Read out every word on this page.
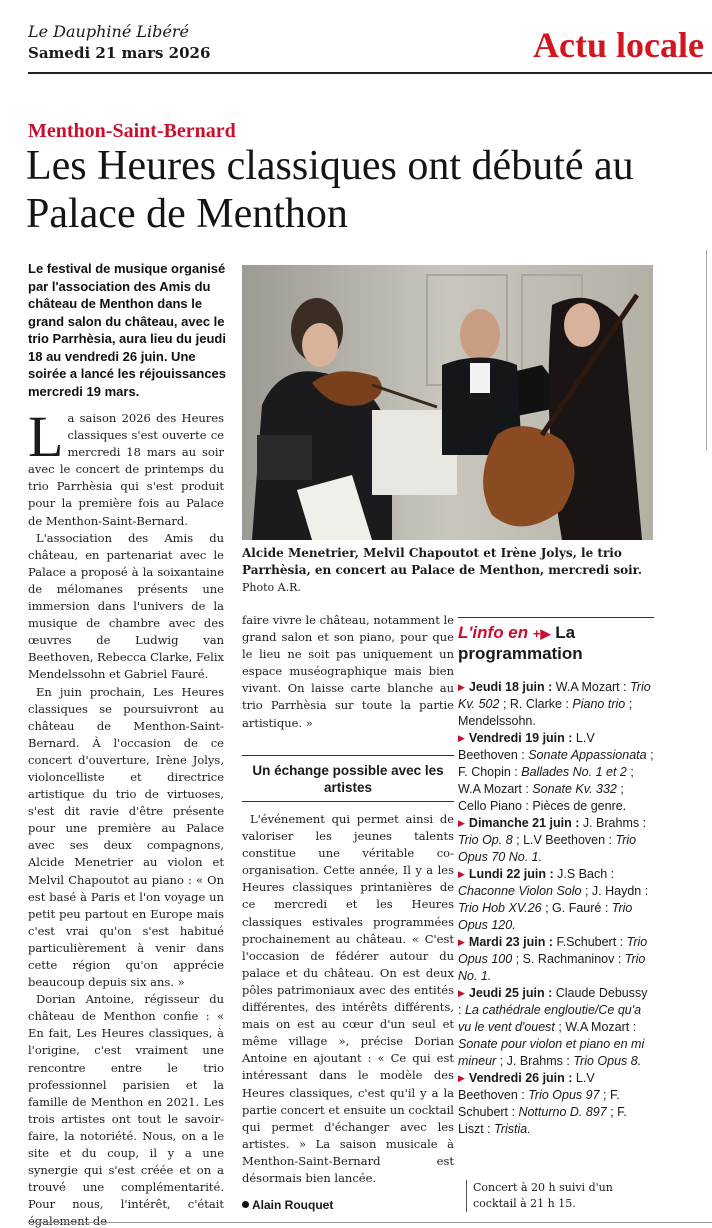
Le Dauphiné Libéré
Samedi 21 mars 2026	Actu locale
Menthon-Saint-Bernard
Les Heures classiques ont débuté au Palace de Menthon
Le festival de musique organisé par l'association des Amis du château de Menthon dans le grand salon du château, avec le trio Parrhèsia, aura lieu du jeudi 18 au vendredi 26 juin. Une soirée a lancé les réjouissances mercredi 19 mars.

La saison 2026 des Heures classiques s'est ouverte ce mercredi 18 mars au soir avec le concert de printemps du trio Parrhèsia qui s'est produit pour la première fois au Palace de Menthon-Saint-Bernard.

L'association des Amis du château, en partenariat avec le Palace a proposé à la soixantaine de mélomanes présents une immersion dans l'univers de la musique de chambre avec des œuvres de Ludwig van Beethoven, Rebecca Clarke, Felix Mendelssohn et Gabriel Fauré.

En juin prochain, Les Heures classiques se poursuivront au château de Menthon-Saint-Bernard. À l'occasion de ce concert d'ouverture, Irène Jolys, violoncelliste et directrice artistique du trio de virtuoses, s'est dit ravie d'être présente pour une première au Palace avec ses deux compagnons, Alcide Menetrier au violon et Melvil Chapoutot au piano : « On est basé à Paris et l'on voyage un petit peu partout en Europe mais c'est vrai qu'on s'est habitué particulièrement à venir dans cette région qu'on apprécie beaucoup depuis six ans. »

Dorian Antoine, régisseur du château de Menthon confie : « En fait, Les Heures classiques, à l'origine, c'est vraiment une rencontre entre le trio professionnel parisien et la famille de Menthon en 2021. Les trois artistes ont tout le savoir-faire, la notoriété. Nous, on a le site et du coup, il y a une synergie qui s'est créée et on a trouvé une complémentarité. Pour nous, l'intérêt, c'était

Alcide Menetrier, Melvil Chapoutot et Irène Jolys, le trio Parrhèsia, en concert au Palace de Menthon, mercredi soir. Photo A.R.

faire vivre le château, notamment le grand salon et son piano, pour que le lieu ne soit pas uniquement un espace muséographique mais bien vivant. On laisse carte blanche au trio Parrhèsia sur toute la partie artistique. »

Un échange possible avec les artistes

L'événement qui permet ainsi de valoriser les jeunes talents constitue une véritable co-organisation. Cette année, Il y a les Heures classiques printanières de ce mercredi et les Heures classiques estivales programmées prochainement au château. « C'est l'occasion de fédérer autour du palace et du château. On est deux pôles patrimoniaux avec des entités différentes, des intérêts différents, mais on est au cœur d'un seul et même village », précise Dorian Antoine en ajoutant : « Ce qui est intéressant dans le modèle des Heures classiques, c'est qu'il y a la partie concert et ensuite un cocktail qui permet d'échanger avec les artistes. » La saison musicale à Menthon-Saint-Bernard est désormais bien lancée.

Alain Rouquet
L'info en +▶ La programmation
▶ Jeudi 18 juin : W.A Mozart : Trio Kv. 502 ; R. Clarke : Piano trio ; Mendelssohn.
▶ Vendredi 19 juin : L.V Beethoven : Sonate Appassionata ; F. Chopin : Ballades No. 1 et 2 ; W.A Mozart : Sonate Kv. 332 ; Cello Piano : Pièces de genre.
▶ Dimanche 21 juin : J. Brahms : Trio Op. 8 ; L.V Beethoven : Trio Opus 70 No. 1.
▶ Lundi 22 juin : J.S Bach : Chaconne Violon Solo ; J. Haydn : Trio Hob XV.26 ; G. Fauré : Trio Opus 120.
▶ Mardi 23 juin : F.Schubert : Trio Opus 100 ; S. Rachmaninov : Trio No. 1.
▶ Jeudi 25 juin : Claude Debussy : La cathédrale engloutie/Ce qu'a vu le vent d'ouest ; W.A Mozart : Sonate pour violon et piano en mi mineur ; J. Brahms : Trio Opus 8.
▶ Vendredi 26 juin : L.V Beethoven : Trio Opus 97 ; F. Schubert : Notturno D. 897 ; F. Liszt : Tristia.
Concert à 20 h suivi d'un cocktail à 21 h 15.
